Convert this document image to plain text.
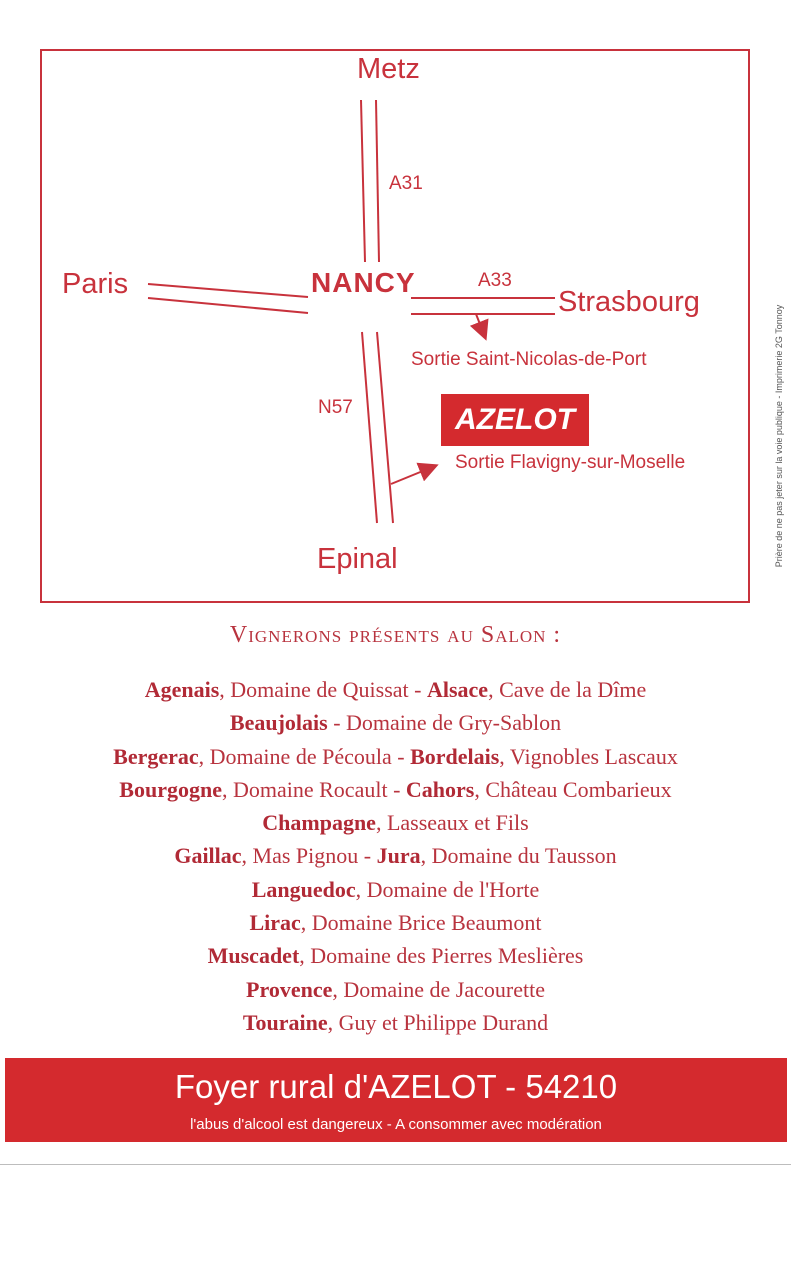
Metz
A31
Paris	NANCY	A33
Strasbourg
Sortie Saint-Nicolas-de-Port
N57	AZELOT
Sortie Flavigny-sur-Moselle
Epinal	Prière de ne pas jeter sur la voie publique - Imprimerie 2G Tonnoy
Vignerons présents au Salon :
Agenais, Domaine de Quissat - Alsace, Cave de la Dîme
Beaujolais - Domaine de Gry-Sablon
Bergerac, Domaine de Pécoula - Bordelais, Vignobles Lascaux
Bourgogne, Domaine Rocault - Cahors, Château Combarieux
Champagne, Lasseaux et Fils
Gaillac, Mas Pignou - Jura, Domaine du Tausson
Languedoc, Domaine de l'Horte
Lirac, Domaine Brice Beaumont
Muscadet, Domaine des Pierres Meslières
Provence, Domaine de Jacourette
Touraine, Guy et Philippe Durand
Foyer rural d'AZELOT - 54210
l'abus d'alcool est dangereux - A consommer avec modération
